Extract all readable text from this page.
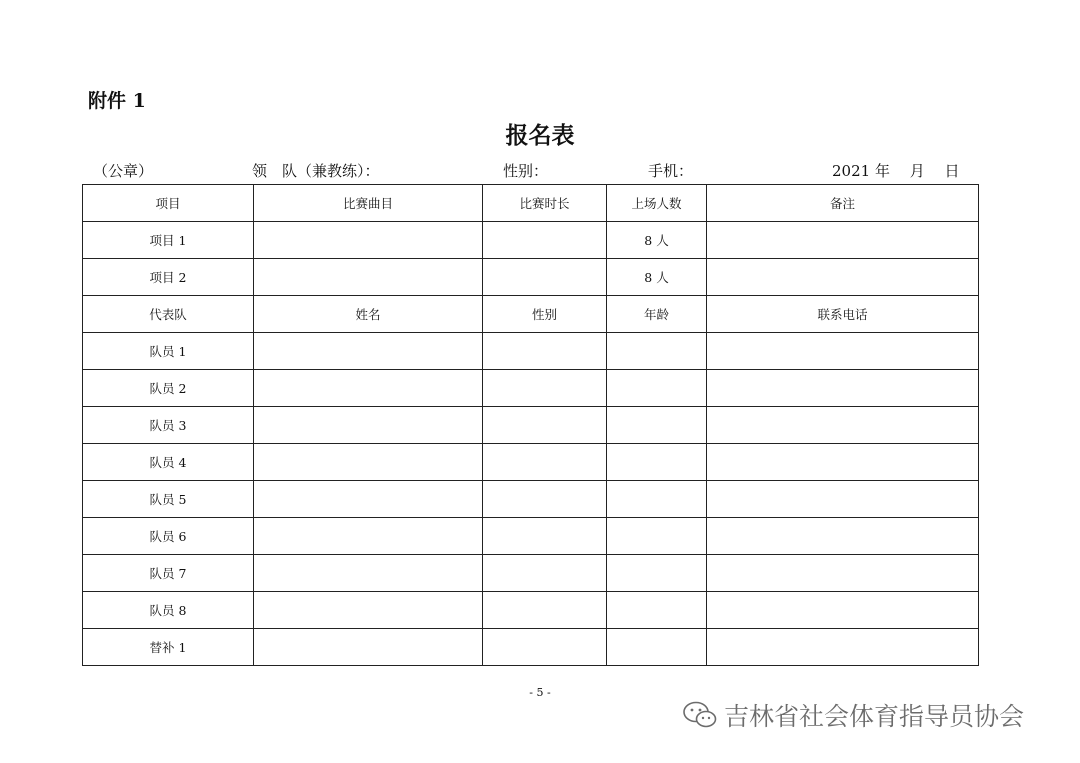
附件 1
报名表
（公章）	领　队（兼教练）：	性别：	手机：	2021 年　 月　 日
项目	比赛曲目	比赛时长	上场人数	备注
项目 1			8 人	
项目 2			8 人	
代表队	姓名	性别	年龄	联系电话
队员 1				
队员 2				
队员 3				
队员 4				
队员 5				
队员 6				
队员 7				
队员 8				
替补 1				
- 5 -
吉林省社会体育指导员协会
